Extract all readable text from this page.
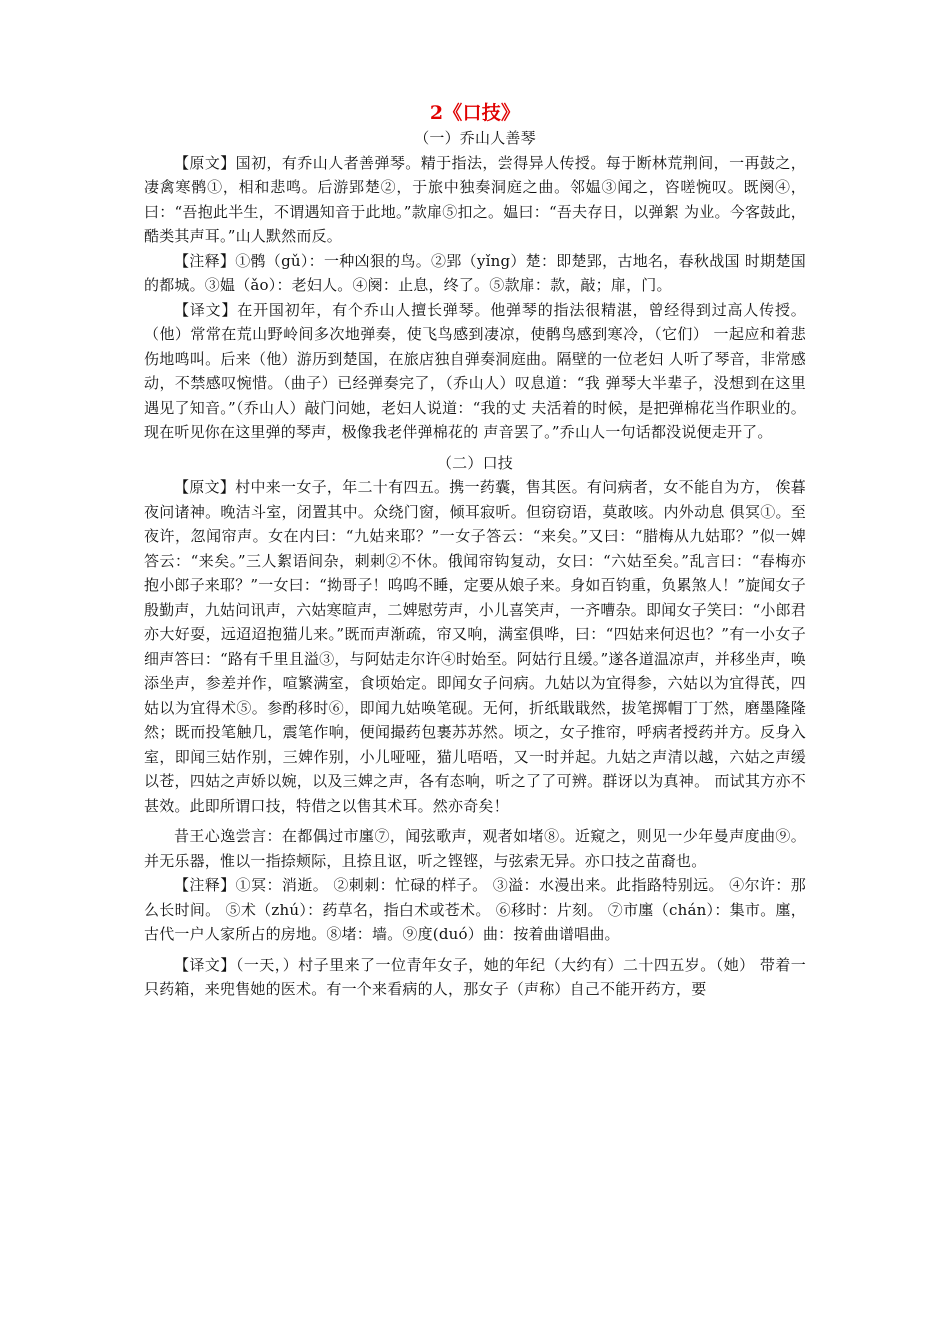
2《口技》
（一）乔山人善琴

【原文】国初，有乔山人者善弹琴。精于指法，尝得异人传授。每于断林荒荆间，一再鼓之，凄禽寒鹘①，相和悲鸣。后游郢楚②，于旅中独奏洞庭之曲。邻媪③闻之，咨嗟惋叹。既阕④，曰：“吾抱此半生，不谓遇知音于此地。”款扉⑤扣之。媪曰：“吾夫存日，以弹絮 为业。今客鼓此，酷类其声耳。”山人默然而反。

【注释】①鹘（gǔ）：一种凶狠的鸟。②郢（yǐng）楚：即楚郢，古地名，春秋战国 时期楚国的都城。③媪（ǎo）：老妇人。④阕：止息，终了。⑤款扉：款，敲；扉，门。

【译文】在开国初年，有个乔山人擅长弹琴。他弹琴的指法很精湛，曾经得到过高人传授。（他）常常在荒山野岭间多次地弹奏，使飞鸟感到凄凉，使鹘鸟感到寒冷，（它们） 一起应和着悲伤地鸣叫。后来（他）游历到楚国，在旅店独自弹奏洞庭曲。隔壁的一位老妇 人听了琴音，非常感动，不禁感叹惋惜。（曲子）已经弹奏完了，（乔山人）叹息道：“我 弹琴大半辈子，没想到在这里遇见了知音。”（乔山人）敲门问她，老妇人说道：“我的丈 夫活着的时候，是把弹棉花当作职业的。现在听见你在这里弹的琴声，极像我老伴弹棉花的 声音罢了。”乔山人一句话都没说便走开了。

（二）口技

【原文】村中来一女子，年二十有四五。携一药囊，售其医。有问病者，女不能自为方， 俟暮夜问诸神。晚洁斗室，闭置其中。众绕门窗，倾耳寂听。但窃窃语，莫敢咳。内外动息 俱冥①。至夜许，忽闻帘声。女在内曰：“九姑来耶？”一女子答云：“来矣。”又曰：“腊梅从九姑耶？”似一婢答云：“来矣。”三人絮语间杂，刺刺②不休。俄闻帘钩复动，女曰：“六姑至矣。”乱言曰：“春梅亦抱小郎子来耶？”一女曰：“拗哥子！呜呜不睡，定要从娘子来。身如百钧重，负累煞人！”旋闻女子殷勤声，九姑问讯声，六姑寒暄声，二婢慰劳声，小儿喜笑声，一齐嘈杂。即闻女子笑曰：“小郎君亦大好耍，远迢迢抱猫儿来。”既而声渐疏，帘又响，满室俱哗，曰：“四姑来何迟也？”有一小女子细声答曰：“路有千里且溢③，与阿姑走尔许④时始至。阿姑行且缓。”遂各道温凉声，并移坐声，唤添坐声，参差并作，喧繁满室，食顷始定。即闻女子问病。九姑以为宜得参，六姑以为宜得芪，四姑以为宜得术⑤。参酌移时⑥，即闻九姑唤笔砚。无何，折纸戢戢然，拔笔掷帽丁丁然，磨墨隆隆然；既而投笔触几，震笔作响，便闻撮药包裹苏苏然。顷之，女子推帘，呼病者授药并方。反身入室，即闻三姑作别，三婢作别，小儿哑哑，猫儿唔唔，又一时并起。九姑之声清以越，六姑之声缓以苍，四姑之声娇以婉，以及三婢之声，各有态响，听之了了可辨。群讶以为真神。 而试其方亦不甚效。此即所谓口技，特借之以售其术耳。然亦奇矣！

昔王心逸尝言：在都偶过市廛⑦，闻弦歌声，观者如堵⑧。近窥之，则见一少年曼声度曲⑨。 并无乐器，惟以一指捺颊际，且捺且讴，听之铿铿，与弦索无异。亦口技之苗裔也。

【注释】①冥：消逝。 ②刺刺：忙碌的样子。 ③溢：水漫出来。此指路特别远。 ④尔许：那 么长时间。 ⑤术（zhú）：药草名，指白术或苍术。 ⑥移时：片刻。 ⑦市廛（chán）：集市。廛， 古代一户人家所占的房地。⑧堵：墙。⑨度(duó）曲：按着曲谱唱曲。

【译文】（一天，）村子里来了一位青年女子，她的年纪（大约有）二十四五岁。（她） 带着一只药箱，来兜售她的医术。有一个来看病的人，那女子（声称）自己不能开药方，要
